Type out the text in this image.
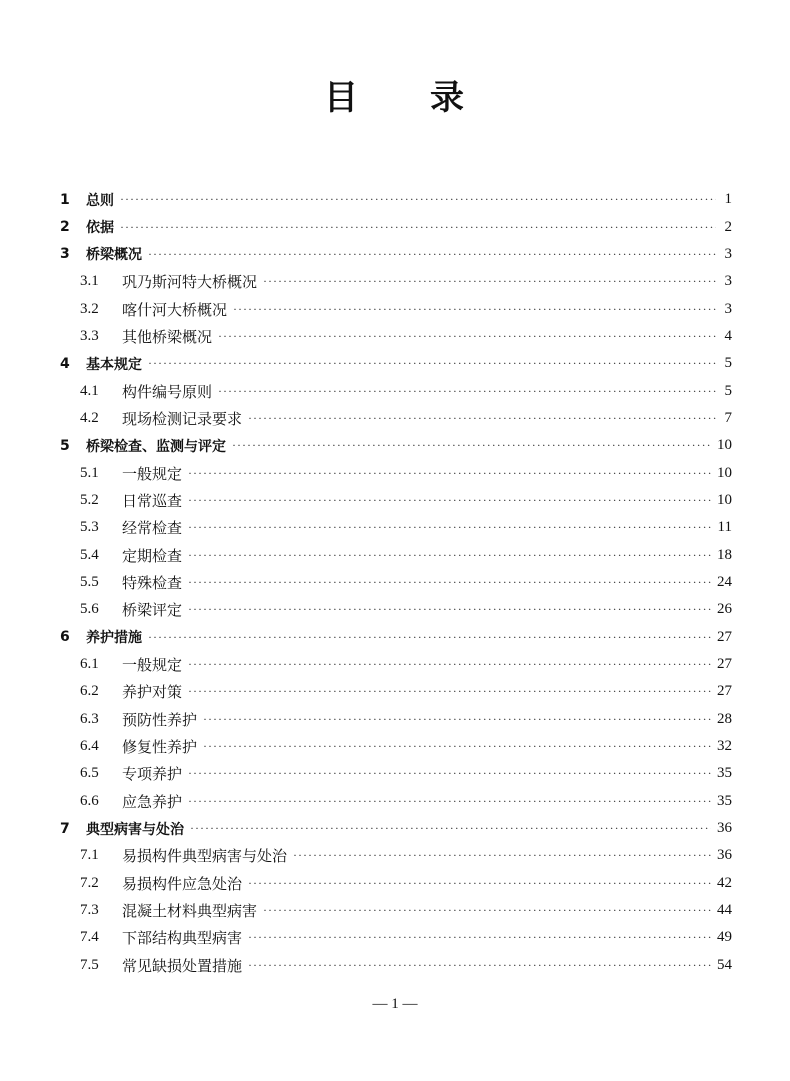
目 录
1	总则 ·····	1
2	依据 ·····	2
3	桥梁概况 ·····	3
3.1	巩乃斯河特大桥概况 ·····	3
3.2	喀什河大桥概况 ·····	3
3.3	其他桥梁概况 ·····	4
4	基本规定 ·····	5
4.1	构件编号原则 ·····	5
4.2	现场检测记录要求 ·····	7
5	桥梁检查、监测与评定 ·····	10
5.1	一般规定 ·····	10
5.2	日常巡查 ·····	10
5.3	经常检查 ·····	11
5.4	定期检查 ·····	18
5.5	特殊检查 ·····	24
5.6	桥梁评定 ·····	26
6	养护措施 ·····	27
6.1	一般规定 ·····	27
6.2	养护对策 ·····	27
6.3	预防性养护 ·····	28
6.4	修复性养护 ·····	32
6.5	专项养护 ·····	35
6.6	应急养护 ·····	35
7	典型病害与处治 ·····	36
7.1	易损构件典型病害与处治 ·····	36
7.2	易损构件应急处治 ·····	42
7.3	混凝土材料典型病害 ·····	44
7.4	下部结构典型病害 ·····	49
7.5	常见缺损处置措施 ·····	54
— 1 —
